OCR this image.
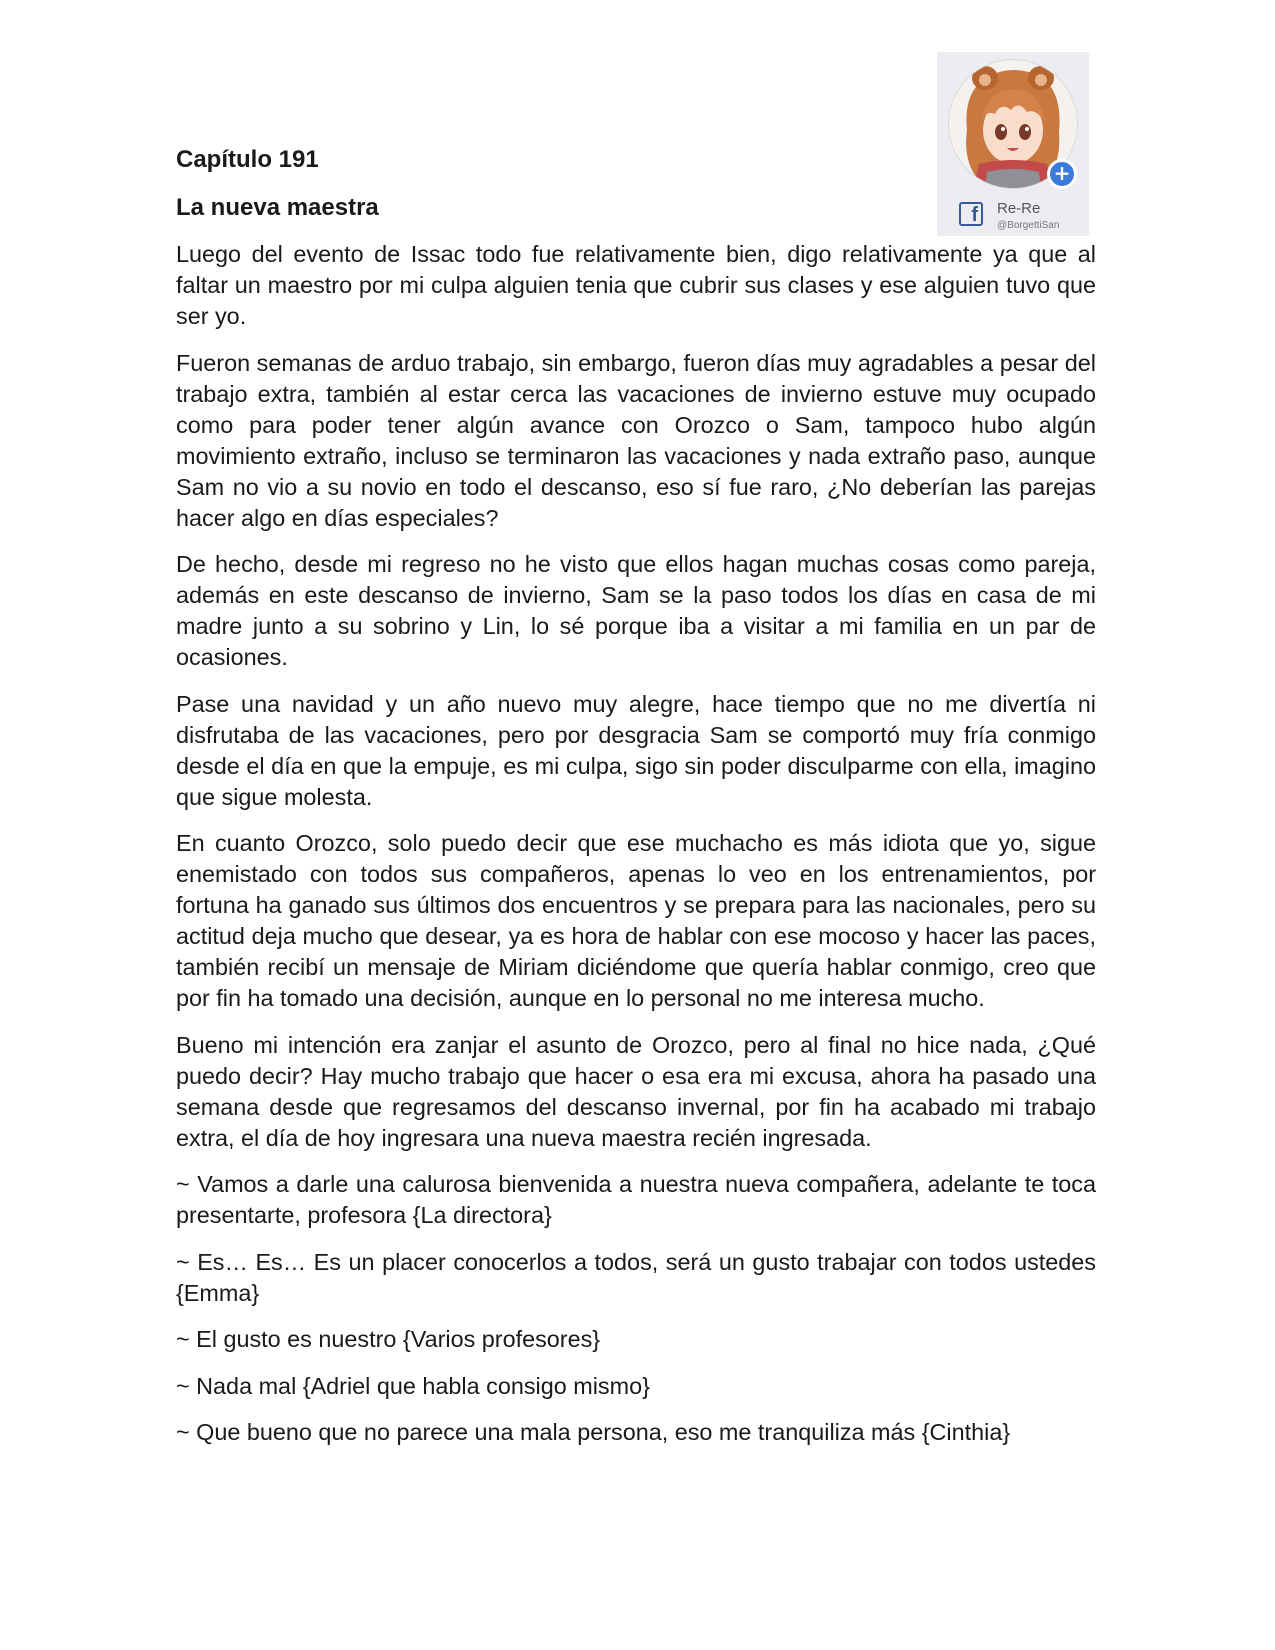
+
f	Re-Re
@BorgettiSan
Capítulo 191
La nueva maestra

Luego del evento de Issac todo fue relativamente bien, digo relativamente ya que al faltar un maestro por mi culpa alguien tenia que cubrir sus clases y ese alguien tuvo que ser yo.

Fueron semanas de arduo trabajo, sin embargo, fueron días muy agradables a pesar del trabajo extra, también al estar cerca las vacaciones de invierno estuve muy ocupado como para poder tener algún avance con Orozco o Sam, tampoco hubo algún movimiento extraño, incluso se terminaron las vacaciones y nada extraño paso, aunque Sam no vio a su novio en todo el descanso, eso sí fue raro, ¿No deberían las parejas hacer algo en días especiales?

De hecho, desde mi regreso no he visto que ellos hagan muchas cosas como pareja, además en este descanso de invierno, Sam se la paso todos los días en casa de mi madre junto a su sobrino y Lin, lo sé porque iba a visitar a mi familia en un par de ocasiones.

Pase una navidad y un año nuevo muy alegre, hace tiempo que no me divertía ni disfrutaba de las vacaciones, pero por desgracia Sam se comportó muy fría conmigo desde el día en que la empuje, es mi culpa, sigo sin poder disculparme con ella, imagino que sigue molesta.

En cuanto Orozco, solo puedo decir que ese muchacho es más idiota que yo, sigue enemistado con todos sus compañeros, apenas lo veo en los entrenamientos, por fortuna ha ganado sus últimos dos encuentros y se prepara para las nacionales, pero su actitud deja mucho que desear, ya es hora de hablar con ese mocoso y hacer las paces, también recibí un mensaje de Miriam diciéndome que quería hablar conmigo, creo que por fin ha tomado una decisión, aunque en lo personal no me interesa mucho.

Bueno mi intención era zanjar el asunto de Orozco, pero al final no hice nada, ¿Qué puedo decir? Hay mucho trabajo que hacer o esa era mi excusa, ahora ha pasado una semana desde que regresamos del descanso invernal, por fin ha acabado mi trabajo extra, el día de hoy ingresara una nueva maestra recién ingresada.

~ Vamos a darle una calurosa bienvenida a nuestra nueva compañera, adelante te toca presentarte, profesora {La directora}

~ Es… Es… Es un placer conocerlos a todos, será un gusto trabajar con todos ustedes {Emma}

~ El gusto es nuestro {Varios profesores}

~ Nada mal {Adriel que habla consigo mismo}

~ Que bueno que no parece una mala persona, eso me tranquiliza más {Cinthia}
